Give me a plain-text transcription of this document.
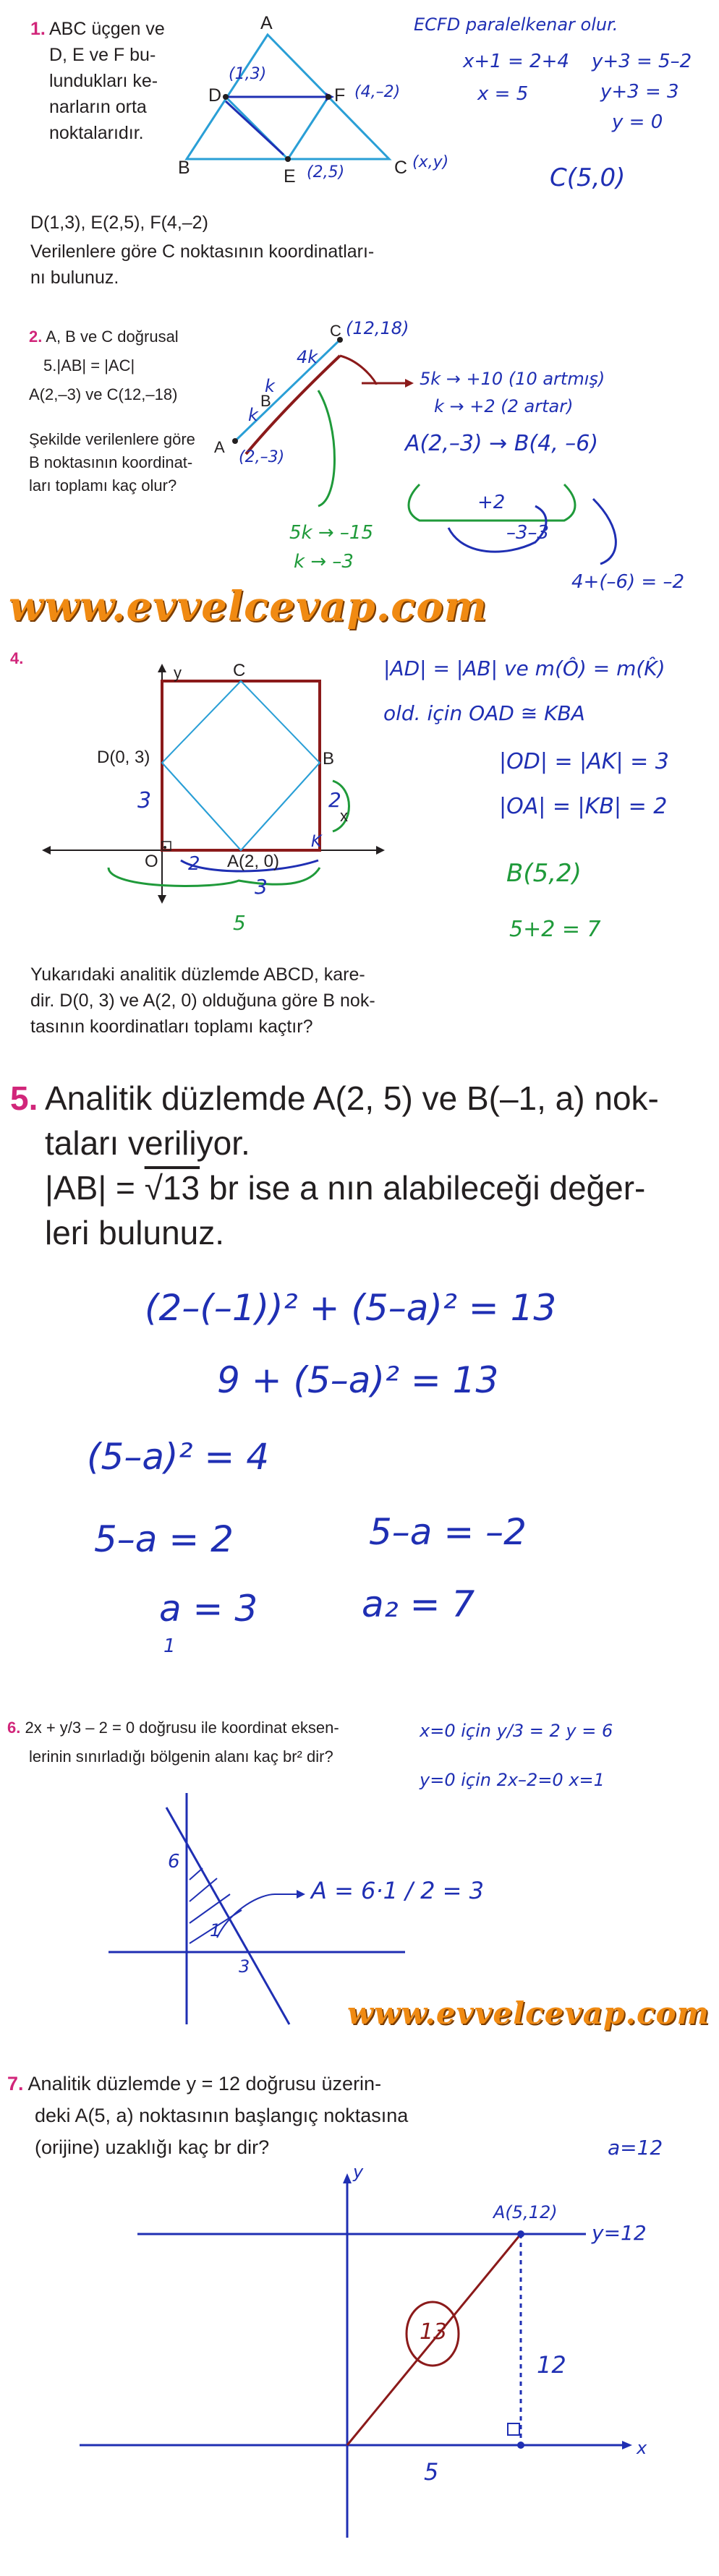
1. ABC üçgen ve
D, E ve F bu-
lundukları ke-
narların orta
noktalarıdır.
D(1,3), E(2,5), F(4,–2)
Verilenlere göre C noktasının koordinatları-
nı bulunuz.
A
D	F
B	E	C
(1,3)
(4,–2)
(2,5)
(x,y)
ECFD paralelkenar olur.
x+1 = 2+4
x = 5
y+3 = 5–2
y+3 = 3
y = 0
C(5,0)
2. A, B ve C doğrusal
5.|AB| = |AC|
A(2,–3) ve C(12,–18)
Şekilde verilenlere göre
B noktasının koordinat-
ları toplamı kaç olur?
A
B
C (12,18)
(2,–3)
k
k
4k
5k → +10 (10 artmış)
k → +2 (2 artar)
A(2,–3) → B(4, –6)
+2
–3–3
5k → –15
k → –3
4+(–6) = –2
www.evvelcevap.com
4.
y	C
D(0, 3)	B
x
O	A(2, 0)
K
3
2
2
3
5
|AD| = |AB| ve m(Ô) = m(K̂)
old. için OAD ≅ KBA
|OD| = |AK| = 3
|OA| = |KB| = 2
B(5,2)
5+2 = 7
Yukarıdaki analitik düzlemde ABCD, kare-
dir. D(0, 3) ve A(2, 0) olduğuna göre B nok-
tasının koordinatları toplamı kaçtır?
5. Analitik düzlemde A(2, 5) ve B(–1, a) nok-
taları veriliyor.
|AB| = √13 br ise a nın alabileceği değer-
leri bulunuz.
(2–(–1))² + (5–a)² = 13
9 + (5–a)² = 13
(5–a)² = 4
5–a = 2	5–a = –2
a = 3
1
a₂ = 7
6. 2x + y/3 – 2 = 0 doğrusu ile koordinat eksen-
lerinin sınırladığı bölgenin alanı kaç br² dir?
x=0 için y/3 = 2 y = 6
y=0 için 2x–2=0 x=1
6
1
3
A = 6·1 / 2 = 3
www.evvelcevap.com
7. Analitik düzlemde y = 12 doğrusu üzerin-
deki A(5, a) noktasının başlangıç noktasına
(orijine) uzaklığı kaç br dir?	a=12
y
x
A(5,12)
y=12
13
12
5
